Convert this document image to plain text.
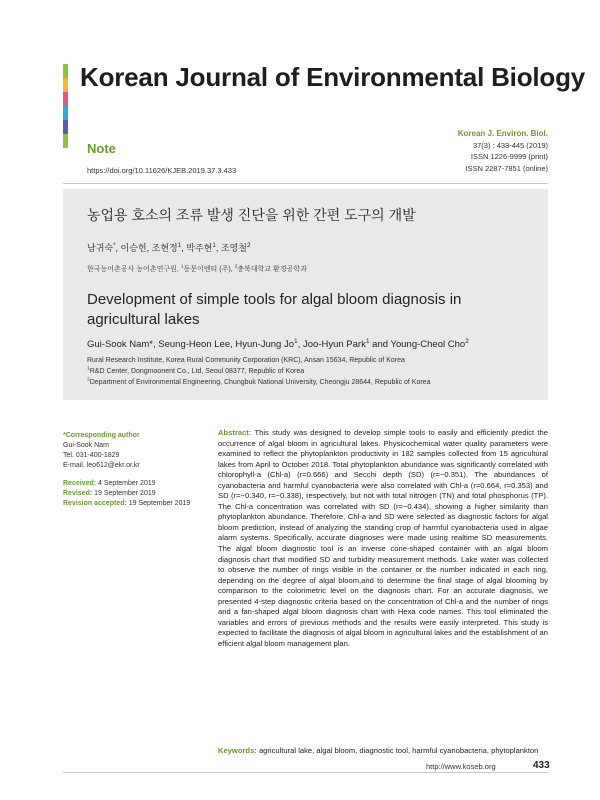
Korean Journal of Environmental Biology
Note
https://doi.org/10.11626/KJEB.2019.37.3.433
Korean J. Environ. Biol.
37(3) : 433-445 (2019)
ISSN 1226-9999 (print)
ISSN 2287-7851 (online)
농업용 호소의 조류 발생 진단을 위한 간편 도구의 개발
남귀숙*, 이승헌, 조현정$^1$, 박주현$^1$, 조영철$^2$
한국농어촌공사 농어촌연구원, $^1$동문이엔티 (주), $^2$충북대학교 환경공학과
Development of simple tools for algal bloom diagnosis in agricultural lakes
Gui-Sook Nam*, Seung-Heon Lee, Hyun-Jung Jo$^1$, Joo-Hyun Park$^1$ and Young-Cheol Cho$^2$
Rural Research Institute, Korea Rural Community Corporation (KRC), Ansan 15634, Republic of Korea
$^1$R&D Center, Dongmoonent Co., Ltd, Seoul 08377, Republic of Korea
$^2$Department of Environmental Engineering, Chungbuk National University, Cheongju 28644, Republic of Korea
*Corresponding author
Gui-Sook Nam
Tel. 031-400-1829
E-mail. leo612@ekr.or.kr
Received: 4 September 2019
Revised: 19 September 2019
Revision accepted: 19 September 2019
Abstract: This study was designed to develop simple tools to easily and efficiently predict the occurrence of algal bloom in agricultural lakes. Physicochemical water quality parameters were examined to reflect the phytoplankton productivity in 182 samples collected from 15 agricultural lakes from April to October 2018. Total phytoplankton abundance was significantly correlated with chlorophyll-a (Chl-a) (r=0.666) and Secchi depth (SD) (r=−0.351). The abundances of cyanobacteria and harmful cyanobacteria were also correlated with Chl-a (r=0.664, r=0.353) and SD (r=−0.340, r=−0.338), respectively, but not with total nitrogen (TN) and total phosphorus (TP). The Chl-a concentration was correlated with SD (r=−0.434), showing a higher similarity than phytoplankton abundance. Therefore, Chl-a and SD were selected as diagnostic factors for algal bloom prediction, instead of analyzing the standing crop of harmful cyanobacteria used in algae alarm systems. Specifically, accurate diagnoses were made using realtime SD measurements. The algal bloom diagnostic tool is an inverse cone-shaped container with an algal bloom diagnosis chart that modified SD and turbidity measurement methods. Lake water was collected to observe the number of rings visible in the container or the number indicated in each ring, depending on the degree of algal bloom,and to determine the final stage of algal blooming by comparison to the colorimetric level on the diagnosis chart. For an accurate diagnosis, we presented 4-step diagnostic criteria based on the concentration of Chl-a and the number of rings and a fan-shaped algal bloom diagnosis chart with Hexa code names. This tool eliminated the variables and errors of previous methods and the results were easily interpreted. This study is expected to facilitate the diagnosis of algal bloom in agricultural lakes and the establishment of an efficient algal bloom management plan.
Keywords: agricultural lake, algal bloom, diagnostic tool, harmful cyanobacteria, phytoplankton
http://www.koseb.org	433
